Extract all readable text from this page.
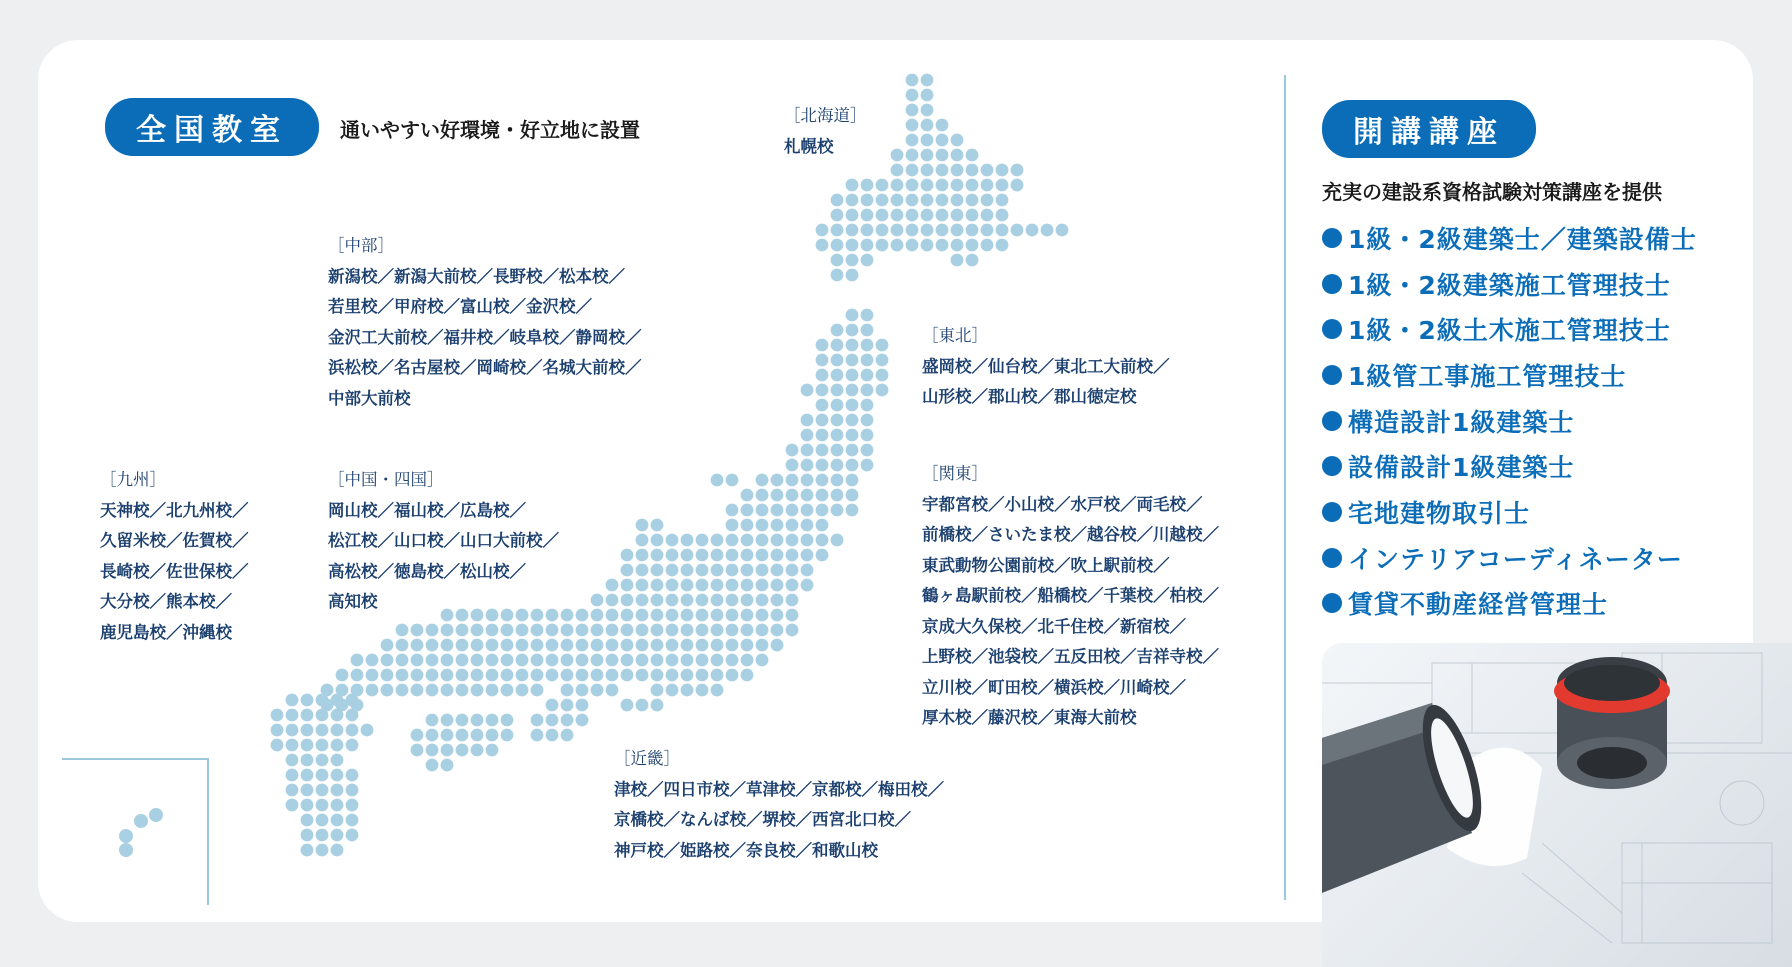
全国教室	通いやすい好環境・好立地に設置
［北海道］
札幌校
［中部］
新潟校／新潟大前校／長野校／松本校／
若里校／甲府校／富山校／金沢校／
金沢工大前校／福井校／岐阜校／静岡校／
浜松校／名古屋校／岡崎校／名城大前校／
中部大前校
［東北］
盛岡校／仙台校／東北工大前校／
山形校／郡山校／郡山徳定校
［九州］
天神校／北九州校／
久留米校／佐賀校／
長崎校／佐世保校／
大分校／熊本校／
鹿児島校／沖縄校
［中国・四国］
岡山校／福山校／広島校／
松江校／山口校／山口大前校／
高松校／徳島校／松山校／
高知校
［関東］
宇都宮校／小山校／水戸校／両毛校／
前橋校／さいたま校／越谷校／川越校／
東武動物公園前校／吹上駅前校／
鶴ヶ島駅前校／船橋校／千葉校／柏校／
京成大久保校／北千住校／新宿校／
上野校／池袋校／五反田校／吉祥寺校／
立川校／町田校／横浜校／川崎校／
厚木校／藤沢校／東海大前校
［近畿］
津校／四日市校／草津校／京都校／梅田校／
京橋校／なんば校／堺校／西宮北口校／
神戸校／姫路校／奈良校／和歌山校
開講講座
充実の建設系資格試験対策講座を提供
1級・2級建築士／建築設備士
1級・2級建築施工管理技士
1級・2級土木施工管理技士
1級管工事施工管理技士
構造設計1級建築士
設備設計1級建築士
宅地建物取引士
インテリアコーディネーター
賃貸不動産経営管理士
